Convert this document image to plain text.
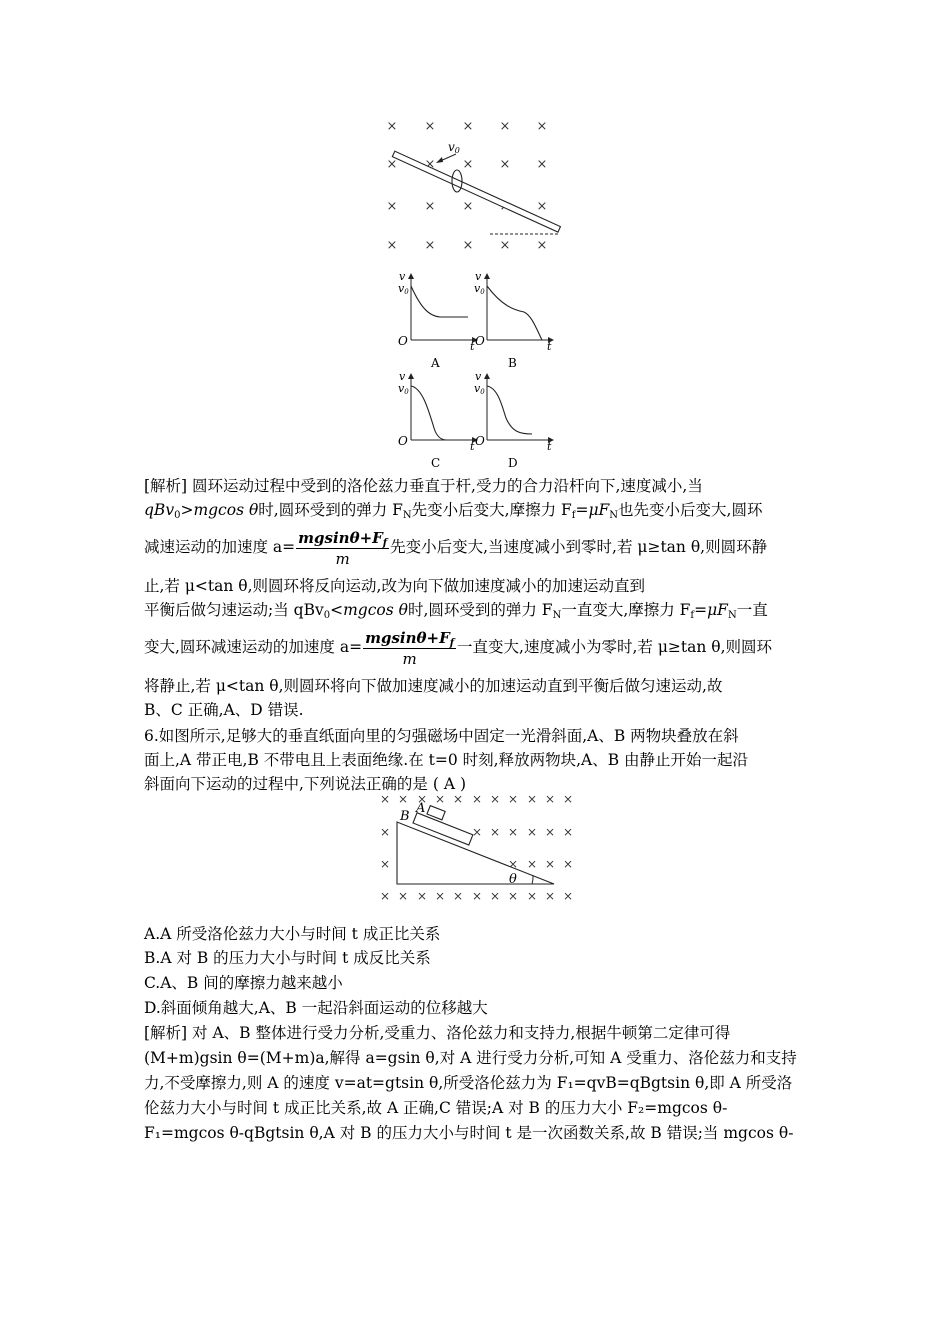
×
×
×
×
×
×
×
×
×
×
×
×
×
×
×
×
×
×
×
v0
v
v0
O	t
A
v
v0
O	t
B
v
v0
O	t
C
v
v0
O	t
D
[解析] 圆环运动过程中受到的洛伦兹力垂直于杆,受力的合力沿杆向下,速度减小,当
qBv$_0$>mgcos θ时,圆环受到的弹力 $F_N$先变小后变大,摩擦力 $F_f=\mu F_N$也先变小后变大,圆环
减速运动的加速度 $a= \frac{mgsin\theta+F_f}{m}$ 先变小后变大,当速度减小到零时,若 μ≥tan θ,则圆环静
止,若 μ<tan θ,则圆环将反向运动,改为向下做加速度减小的加速运动直到
平衡后做匀速运动;当 qBv$_0$<mgcos θ时,圆环受到的弹力 $F_N$一直变大,摩擦力 $F_f=\mu F_N$一直
变大,圆环减速运动的加速度 $a= \frac{mgsin\theta+F_f}{m}$ 一直变大,速度减小为零时,若 μ≥tan θ,则圆环
将静止,若 μ<tan θ,则圆环将向下做加速度减小的加速运动直到平衡后做匀速运动,故
B、C 正确,A、D 错误.
6.如图所示,足够大的垂直纸面向里的匀强磁场中固定一光滑斜面,A、B 两物块叠放在斜
面上,A 带正电,B 不带电且上表面绝缘.在 t=0 时刻,释放两物块,A、B 由静止开始一起沿
斜面向下运动的过程中,下列说法正确的是 ( A )
× × × × × × × × × × ×
×	× × × × × ×
×	× × × ×
× × × × × × × × × × ×
B
A
θ
A.A 所受洛伦兹力大小与时间 t 成正比关系
B.A 对 B 的压力大小与时间 t 成反比关系
C.A、B 间的摩擦力越来越小
D.斜面倾角越大,A、B 一起沿斜面运动的位移越大
[解析] 对 A、B 整体进行受力分析,受重力、洛伦兹力和支持力,根据牛顿第二定律可得
(M+m)gsin θ=(M+m)a,解得 a=gsin θ,对 A 进行受力分析,可知 A 受重力、洛伦兹力和支持
力,不受摩擦力,则 A 的速度 v=at=gtsin θ,所受洛伦兹力为 F₁=qvB=qBgtsin θ,即 A 所受洛
伦兹力大小与时间 t 成正比关系,故 A 正确,C 错误;A 对 B 的压力大小 F₂=mgcos θ-
F₁=mgcos θ-qBgtsin θ,A 对 B 的压力大小与时间 t 是一次函数关系,故 B 错误;当 mgcos θ-
